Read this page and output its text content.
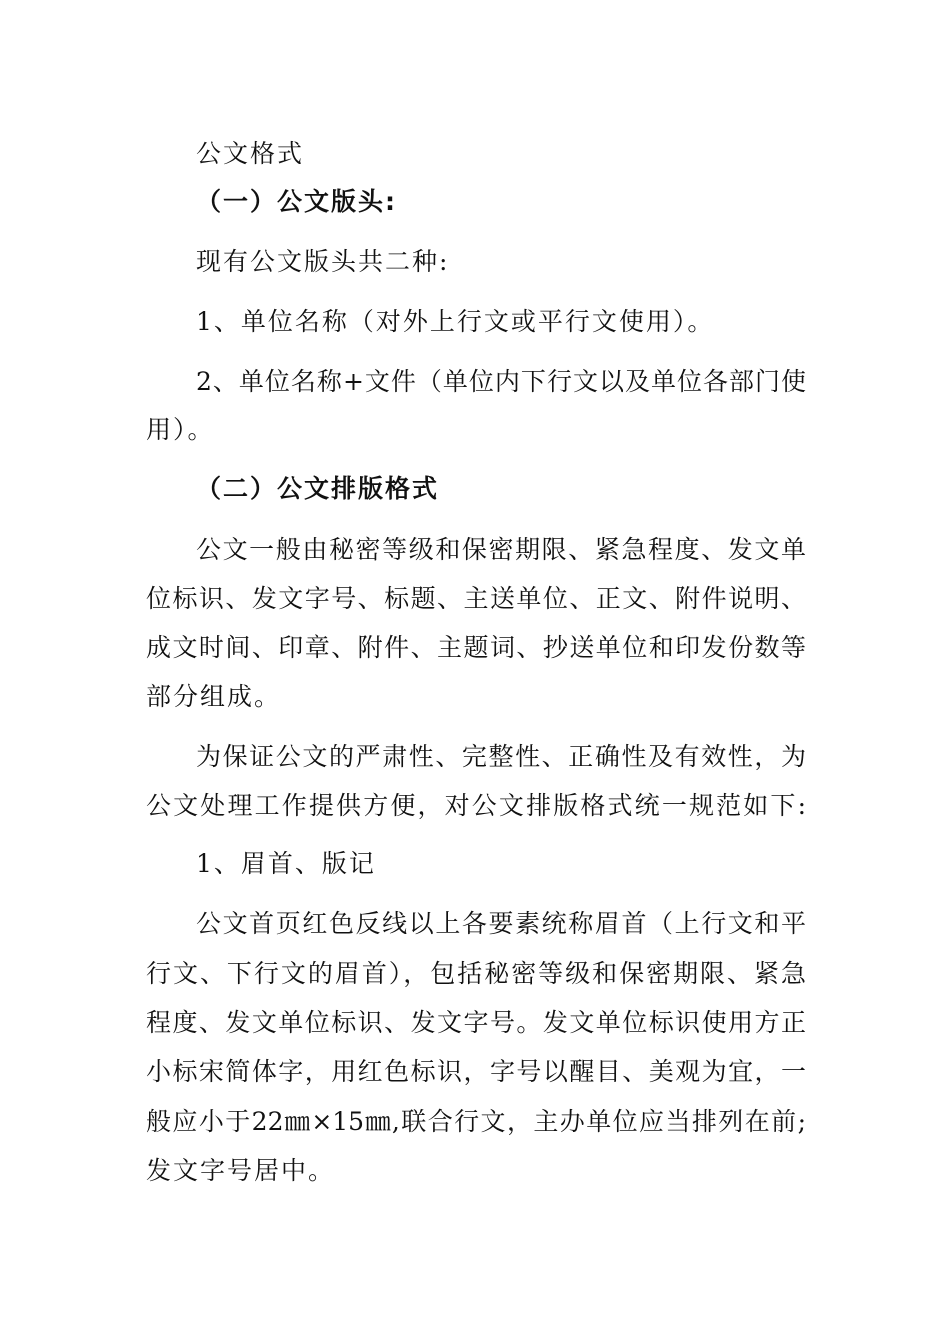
公文格式
（一）公文版头:
现有公文版头共二种:
1、单位名称（对外上行文或平行文使用）。
2、单位名称+文件（单位内下行文以及单位各部门使
用）。
（二）公文排版格式
公文一般由秘密等级和保密期限、紧急程度、发文单
位标识、发文字号、标题、主送单位、正文、附件说明、
成文时间、印章、附件、主题词、抄送单位和印发份数等
部分组成。
为保证公文的严肃性、完整性、正确性及有效性，为
公文处理工作提供方便，对公文排版格式统一规范如下:
1、眉首、版记
公文首页红色反线以上各要素统称眉首（上行文和平
行文、下行文的眉首），包括秘密等级和保密期限、紧急
程度、发文单位标识、发文字号。发文单位标识使用方正
小标宋简体字，用红色标识，字号以醒目、美观为宜，一
般应小于22㎜×15㎜,联合行文，主办单位应当排列在前;
发文字号居中。
